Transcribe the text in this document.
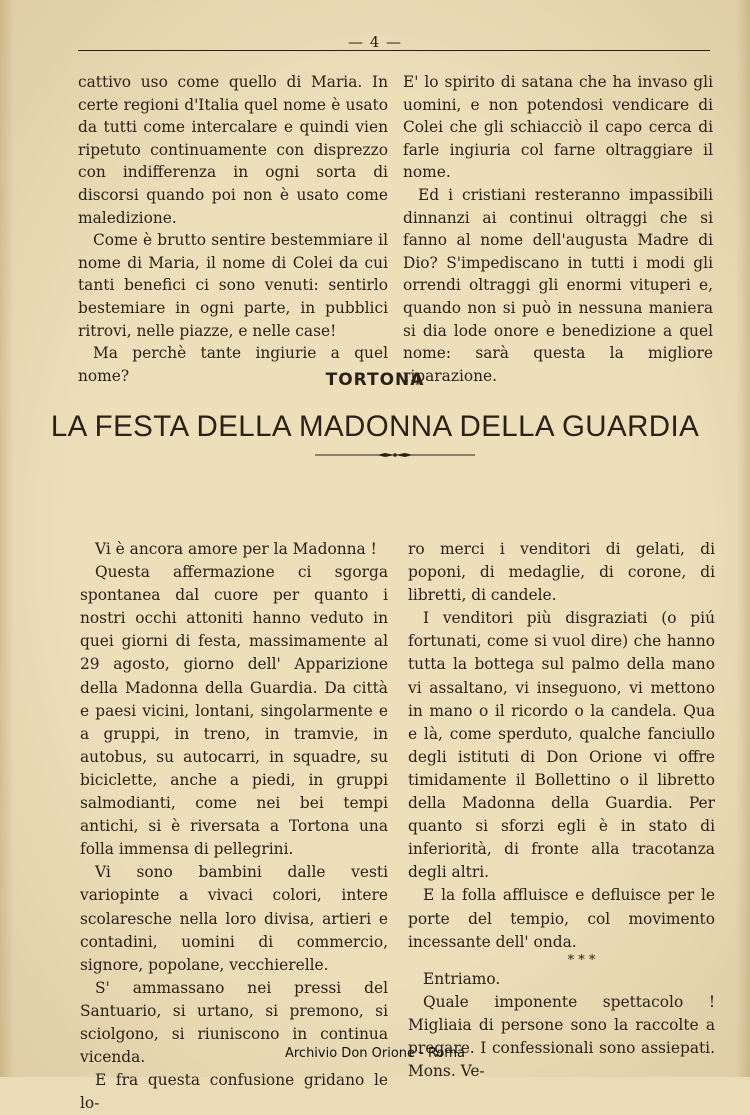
— 4 —

cattivo uso come quello di Maria. In certe regioni d'Italia quel nome è usato da tutti come intercalare e quindi vien ripetuto continuamente con disprezzo con indifferenza in ogni sorta di discorsi quando poi non è usato come maledizione.

Come è brutto sentire bestemmiare il nome di Maria, il nome di Colei da cui tanti benefici ci sono venuti: sentirlo bestemiare in ogni parte, in pubblici ritrovi, nelle piazze, e nelle case!

Ma perchè tante ingiurie a quel nome?

E' lo spirito di satana che ha invaso gli uomini, e non potendosi vendicare di Colei che gli schiacciò il capo cerca di farle ingiuria col farne oltraggiare il nome.

Ed i cristiani resteranno impassibili dinnanzi ai continui oltraggi che si fanno al nome dell'augusta Madre di Dio? S'impediscano in tutti i modi gli orrendi oltraggi gli enormi vituperi e, quando non si può in nessuna maniera si dia lode onore e benedizione a quel nome: sarà questa la migliore riparazione.

TORTONA
LA FESTA DELLA MADONNA DELLA GUARDIA

Vi è ancora amore per la Madonna !

Questa affermazione ci sgorga spontanea dal cuore per quanto i nostri occhi attoniti hanno veduto in quei giorni di festa, massimamente al 29 agosto, giorno dell' Apparizione della Madonna della Guardia. Da città e paesi vicini, lontani, singolarmente e a gruppi, in treno, in tramvie, in autobus, su autocarri, in squadre, su biciclette, anche a piedi, in gruppi salmodianti, come nei bei tempi antichi, si è riversata a Tortona una folla immensa di pellegrini.

Vi sono bambini dalle vesti variopinte a vivaci colori, intere scolaresche nella loro divisa, artieri e contadini, uomini di commercio, signore, popolane, vecchierelle.

S' ammassano nei pressi del Santuario, si urtano, si premono, si sciolgono, si riuniscono in continua vicenda.

E fra questa confusione gridano le lo-

ro merci i venditori di gelati, di poponi, di medaglie, di corone, di libretti, di candele.

I venditori più disgraziati (o piú fortunati, come si vuol dire) che hanno tutta la bottega sul palmo della mano vi assaltano, vi inseguono, vi mettono in mano o il ricordo o la candela. Qua e là, come sperduto, qualche fanciullo degli istituti di Don Orione vi offre timidamente il Bollettino o il libretto della Madonna della Guardia. Per quanto si sforzi egli è in stato di inferiorità, di fronte alla tracotanza degli altri.

E la folla affluisce e defluisce per le porte del tempio, col movimento incessante dell' onda.

* * *

Entriamo.

Quale imponente spettacolo ! Migliaia di persone sono la raccolte a pregare. I confessionali sono assiepati. Mons. Ve-

Archivio Don Orione - Roma
